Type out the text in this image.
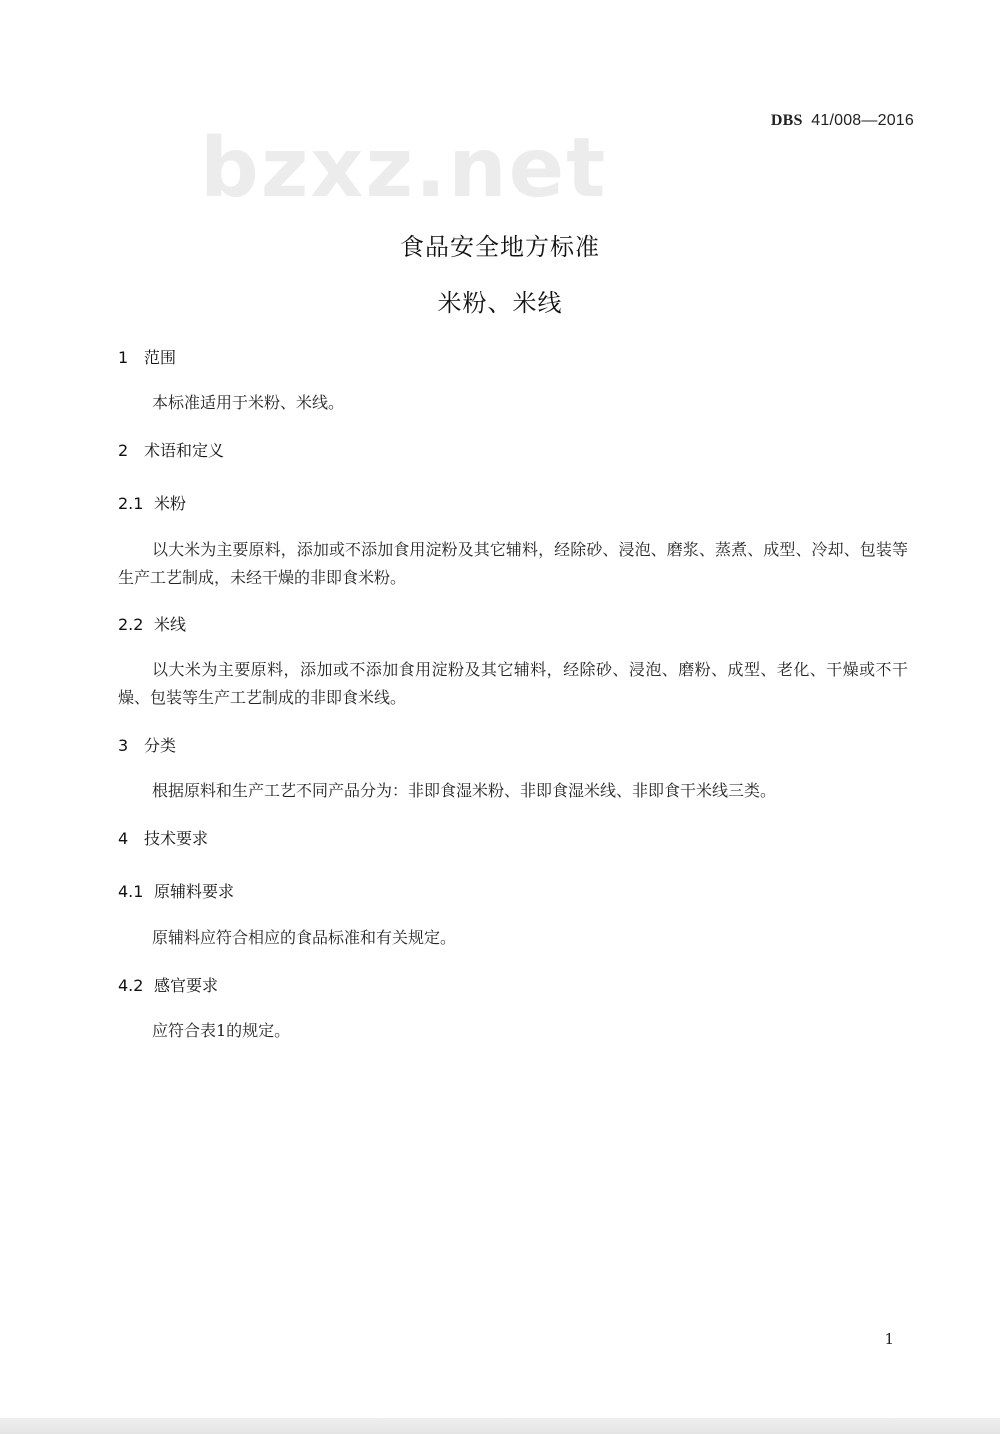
DBS 41/008—2016
bzxz.net
食品安全地方标准
米粉、米线
1 范围
本标准适用于米粉、米线。
2 术语和定义
2.1 米粉
以大米为主要原料，添加或不添加食用淀粉及其它辅料，经除砂、浸泡、磨浆、蒸煮、成型、冷却、包装等生产工艺制成，未经干燥的非即食米粉。
2.2 米线
以大米为主要原料，添加或不添加食用淀粉及其它辅料，经除砂、浸泡、磨粉、成型、老化、干燥或不干燥、包装等生产工艺制成的非即食米线。
3 分类
根据原料和生产工艺不同产品分为：非即食湿米粉、非即食湿米线、非即食干米线三类。
4 技术要求
4.1 原辅料要求
原辅料应符合相应的食品标准和有关规定。
4.2 感官要求
应符合表1的规定。
1
